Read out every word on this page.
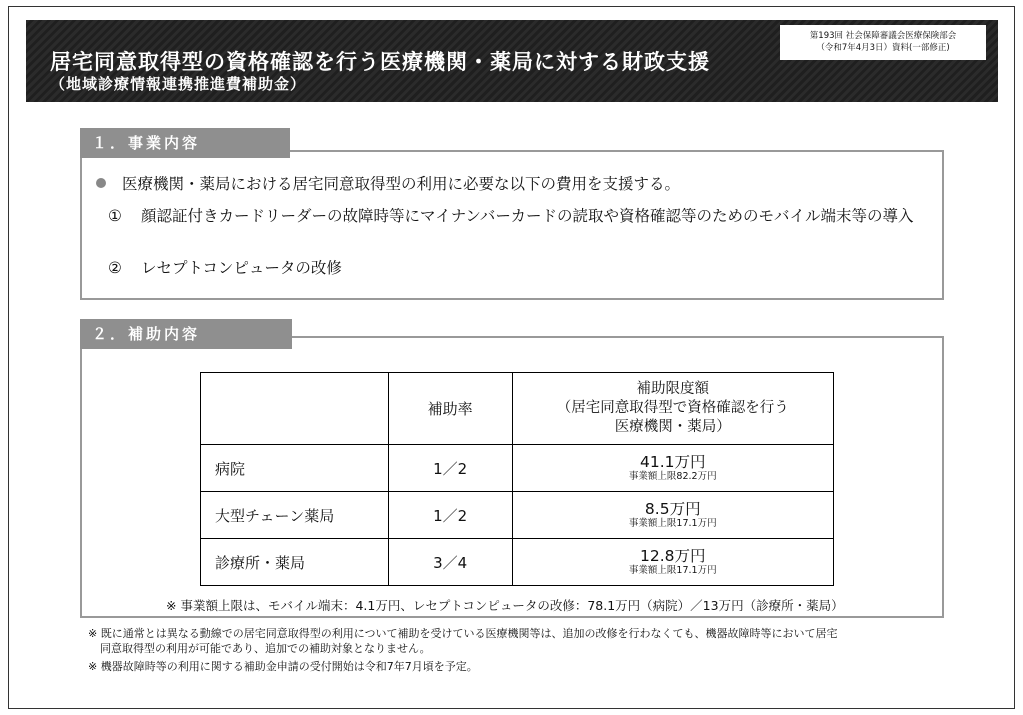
居宅同意取得型の資格確認を行う医療機関・薬局に対する財政支援
（地域診療情報連携推進費補助金）
第193回 社会保障審議会医療保険部会
（令和7年4月3日）資料(一部修正)
１．事業内容
医療機関・薬局における居宅同意取得型の利用に必要な以下の費用を支援する。
① 顔認証付きカードリーダーの故障時等にマイナンバーカードの読取や資格確認等のためのモバイル端末等の導入
② レセプトコンピュータの改修
２．補助内容
	補助率	補助限度額
（居宅同意取得型で資格確認を行う
医療機関・薬局）

病院	1／2	41.1万円
事業額上限82.2万円

大型チェーン薬局	1／2	8.5万円
事業額上限17.1万円

診療所・薬局	3／4	12.8万円
事業額上限17.1万円
※ 事業額上限は、モバイル端末：4.1万円、レセプトコンピュータの改修：78.1万円（病院）／13万円（診療所・薬局）
※ 既に通常とは異なる動線での居宅同意取得型の利用について補助を受けている医療機関等は、追加の改修を行わなくても、機器故障時等において居宅
同意取得型の利用が可能であり、追加での補助対象となりません。
※ 機器故障時等の利用に関する補助金申請の受付開始は令和7年7月頃を予定。
